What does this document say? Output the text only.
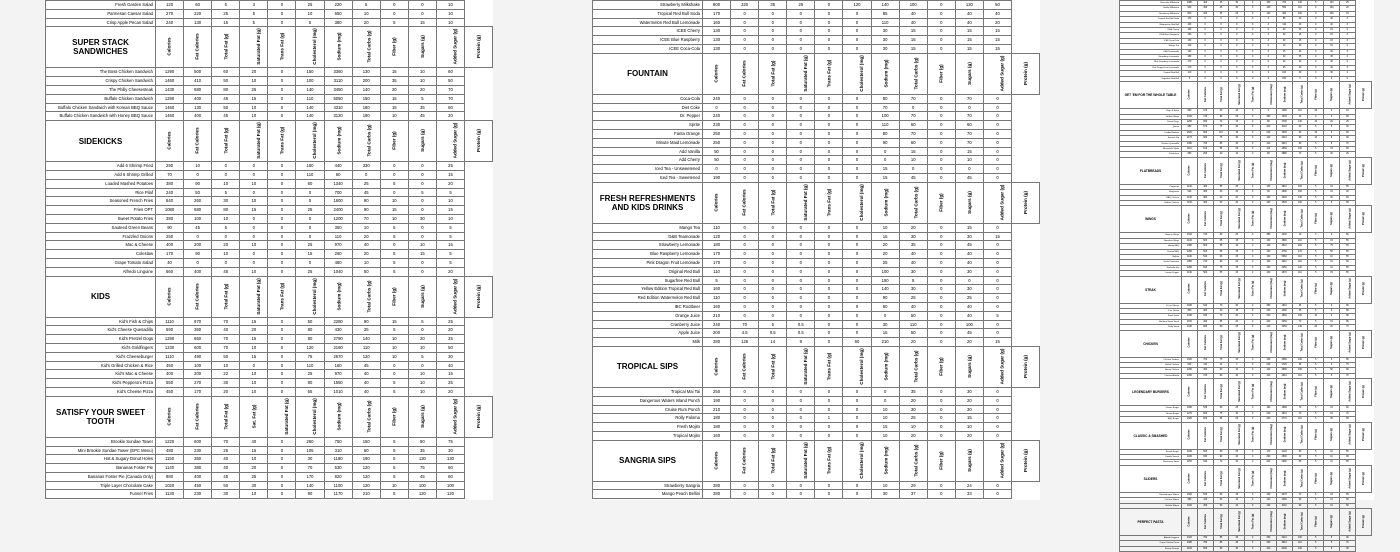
Fresh Garden Salad	120	60	5	3	0	25	220	5	0	0	10	
Parmesan Caesar Salad	270	220	25	5	0	10	650	10	0	0	10	
Crisp Apple Pecan Salad	240	130	15	5	0	5	380	20	5	15	10	
SUPER STACK SANDWICHES	Calories	Fat Calories	Total Fat (g)	Saturated Fat (g)	Trans Fat (g)	Cholesterol (mg)	Sodium (mg)	Total Carbs (g)	Fiber (g)	Sugars (g)	Added Sugar (g)	Protein (g)
The Boss Chicken Sandwich	1290	500	60	20	0	150	3360	130	15	10	60	
Crispy Chicken Sandwich	1460	410	50	10	0	100	3110	200	35	10	50	
The Philly Cheesesteak	1430	680	80	25	0	140	3450	140	20	20	70	
Buffalo Chicken Sandwich	1290	400	45	15	0	110	5050	150	15	5	70	
Buffalo Chicken Sandwich with Korean BBQ Sauce	1460	130	50	10	0	140	4310	180	15	35	60	
Buffalo Chicken Sandwich with Honey BBQ Sauce	1460	400	45	10	0	140	3120	190	10	45	20	
SIDEKICKS	Calories	Fat Calories	Total Fat (g)	Saturated Fat (g)	Trans Fat (g)	Cholesterol (mg)	Sodium (mg)	Total Carbs (g)	Fiber (g)	Sugars (g)	Added Sugar (g)	Protein (g)
Add 6 Shrimp Fried	290	10	0	0	0	160	440	330	0	0	25	
Add 6 Shrimp Grilled	70	0	0	0	0	110	60	0	0	0	15	
Loaded Mashed Potatoes	380	90	10	10	0	60	1340	25	5	0	20	
Rice Pilaf	240	50	5	0	0	0	700	45	0	5	5	
Seasoned French Fries	640	260	30	10	0	5	1600	90	10	0	10	
Fries OPT	1080	680	80	15	0	25	2400	90	15	0	15	
Sweet Potato Fries	380	100	10	0	0	0	1200	70	10	30	10	
Sauteed Green Beans	90	45	5	0	0	0	350	10	5	0	5	
Frazzled Onions	250	0	0	0	0	0	110	20	5	0	5	
Mac & Cheese	400	200	20	10	0	25	970	40	0	10	15	
Coleslaw	170	90	10	0	0	15	260	20	5	15	5	
Grape Tomato Salad	40	0	0	0	0	0	480	10	5	0	5	
Alfredo Linguine	660	400	45	10	0	25	1040	50	5	0	20	
KIDS	Calories	Fat Calories	Total Fat (g)	Saturated Fat (g)	Trans Fat (g)	Cholesterol (mg)	Sodium (mg)	Total Carbs (g)	Fiber (g)	Sugars (g)	Added Sugar (g)	Protein (g)
Kid's Fish & Chips	1110	670	70	15	0	50	2280	90	15	5	25	
Kid's Cheese Quesadilla	590	360	40	20	0	80	430	35	5	0	20	
Kid's Pretzel Dogs	1290	650	70	15	0	80	2790	140	10	20	25	
Kid's Goldfingers	1230	600	70	10	0	120	2160	110	10	10	50	
Kid's Cheeseburger	1110	490	50	15	0	75	2670	120	10	5	30	
Kid's Grilled Chicken & Rice	450	100	10	0	0	110	160	45	0	0	40	
Kid's Mac & Cheese	400	200	22	10	0	25	970	40	0	10	15	
Kid's Pepperoni Pizza	550	270	30	10	0	80	1550	40	5	10	25	
Kid's Cheese Pizza	450	170	20	10	0	55	1010	40	5	10	20	
SATISFY YOUR SWEET TOOTH	Calories	Fat Calories	Total Fat (g)	Sat. Fat (g)	Saturated Fat (g)	Cholesterol (mg)	Sodium (mg)	Total Carbs (g)	Fiber (g)	Sugars (g)	Added Sugar (g)	Protein (g)
Brookie Sundae Tower	1220	600	70	40	0	260	750	150	5	90	75	
Mini Brookie Sundae Tower (EPC Menu)	480	230	25	15	0	105	310	60	5	35	30	
Hot & Sugary Donut Holes	1150	350	40	10	0	30	1180	190	5	130	130	
Bananas Foster Pie	1140	380	40	20	0	70	530	120	5	75	60	
Bananas Foster Pie (Canada Only)	880	400	45	25	0	170	820	120	5	45	60	
Triple Layer Chocolate Cake	1020	450	50	30	0	140	1100	130	10	100	100	
Funnel Fries	1130	230	30	10	0	90	1170	210	5	120	120	
Strawberry Milkshake	800	320	35	25	0	120	140	100	0	120	50	
Tropical Red Bull Soda	170	0	0	0	0	0	85	40	0	40	40	
Watermelon Red Bull Lemonade	160	0	0	0	0	0	110	40	0	40	20	
ICEE Cherry	130	0	0	0	0	0	30	15	0	15	15	
ICEE Blue Raspberry	130	0	0	0	0	0	30	15	0	15	15	
ICEE Coca-Cola	130	0	0	0	0	0	30	15	0	15	15	
FOUNTAIN	Calories	Fat Calories	Total Fat (g)	Saturated Fat (g)	Trans Fat (g)	Cholesterol (mg)	Sodium (mg)	Total Carbs (g)	Fiber (g)	Sugars (g)	Added Sugar (g)	Protein (g)
Coca-Cola	240	0	0	0	0	0	80	70	0	70	0	
Diet Coke	0	0	0	0	0	0	70	0	0	0	0	
Dr. Pepper	240	0	0	0	0	0	100	70	0	70	0	
Sprite	230	0	0	0	0	0	110	60	0	60	0	
Fanta Orange	250	0	0	0	0	0	80	70	0	70	0	
Minute Maid Lemonade	250	0	0	0	0	0	90	60	0	70	0	
Add Vanilla	50	0	0	0	0	0	0	15	0	15	0	
Add Cherry	50	0	0	0	0	0	0	10	0	10	0	
Iced Tea - Unsweetened	0	0	0	0	0	0	15	0	0	0	0	
Iced Tea - Sweetened	190	0	0	0	0	0	15	45	0	45	0	
FRESH REFRESHMENTS AND KIDS DRINKS	Calories	Fat Calories	Total Fat (g)	Saturated Fat (g)	Trans Fat (g)	Cholesterol (mg)	Sodium (mg)	Total Carbs (g)	Fiber (g)	Sugars (g)	Added Sugar (g)	Protein (g)
Mango Tea	110	0	0	0	0	0	10	20	0	15	0	
D&B Teamonade	120	0	0	0	0	0	15	30	0	30	15	
Strawberry Lemonade	180	0	0	0	0	0	20	35	0	45	0	
Blue Raspberry Lemonade	170	0	0	0	0	0	20	40	0	40	0	
Pink Dragon Fruit Lemonade	170	0	0	0	0	0	25	40	0	40	0	
Original Red Bull	110	0	0	0	0	0	100	30	0	30	0	
Sugarfree Red Bull	5	0	0	0	0	0	150	5	0	0	0	
Yellow Edition Tropical Red Bull	160	0	0	0	0	0	140	30	0	30	0	
Red Edition Watermelon Red Bull	110	0	0	0	0	0	90	25	0	25	0	
IBC Rootbeer	160	0	0	0	0	0	60	40	0	40	0	
Orange Juice	210	0	0	0	0	0	0	50	0	40	5	
Cranberry Juice	240	70	5	0.5	0	0	30	110	0	100	0	
Apple Juice	200	4.5	0.5	0.5	0	0	15	50	0	45	0	
Milk	280	126	14	9	0	60	210	20	0	20	15	
TROPICAL SIPS	Calories	Fat Calories	Total Fat (g)	Saturated Fat (g)	Trans Fat (g)	Cholesterol (mg)	Sodium (mg)	Total Carbs (g)	Fiber (g)	Sugars (g)	Added Sugar (g)	Protein (g)
Tropical Mai Tai	250	0	0	0	0	0	0	35	0	30	0	
Dangerous Waters Island Punch	190	0	0	0	0	0	0	20	0	20	0	
Cruise Rum Punch	210	0	0	0	0	0	10	30	0	30	0	
Rolly Paloma	180	0	0	0	1	0	10	25	0	15	0	
Fresh Mojito	180	0	0	0	0	0	15	10	0	10	0	
Tropical Mojito	160	0	0	0	0	0	10	20	0	20	0	
SANGRIA SIPS	Calories	Fat Calories	Total Fat (g)	Saturated Fat (g)	Trans Fat (g)	Cholesterol (mg)	Sodium (mg)	Total Carbs (g)	Fiber (g)	Sugars (g)	Added Sugar (g)	Protein (g)
Strawberry Sangria	280	0	0	0	0	0	10	29	0	24	0	
Mango Peach Bellini	280	0	0	0	0	0	30	37	0	33	0	
Chocolate Milkshake	1080	400	45	30	0	150	700	140	5	120	25	
Vanilla Milkshake	900	390	45	30	0	160	550	110	0	100	20	
Strawberry Milkshake	800	320	35	25	0	120	460	100	0	100	15	
Tropical Red Bull Soda	170	0	0	0	0	0	85	40	0	40	0	
Watermelon Red Bull	160	0	0	0	0	0	110	40	0	40	0	
ICEE Cherry	130	0	0	0	0	0	30	15	0	15	0	
ICEE Blue Raspberry	130	0	0	0	0	0	30	15	0	15	0	
ICEE Coca-Cola	130	0	0	0	0	0	30	15	0	15	0	
Mango Tea	110	0	0	0	0	0	10	20	0	15	0	
D&B Teamonade	120	0	0	0	0	0	15	30	0	30	0	
Strawberry Lemonade	180	0	0	0	0	0	20	35	0	45	0	
Blue Raspberry Lemonade	170	0	0	0	0	0	20	40	0	40	0	
Pink Dragon Fruit Lemonade	170	0	0	0	0	0	25	40	0	40	0	
Original Red Bull	110	0	0	0	0	0	100	30	0	30	0	
Sugarfree Red Bull	5	0	0	0	0	0	150	5	0	0	0	
GET 'EM FOR THE WHOLE TABLE	Calories	Fat Calories	Total Fat (g)	Saturated Fat (g)	Trans Fat (g)	Cholesterol (mg)	Sodium (mg)	Total Carbs (g)	Fiber (g)	Sugars (g)	Added Sugar (g)	Protein (g)
Chips & Salsa	890	370	40	10	0	0	1280	110	15	0	10	
Buffalo Wings	1010	740	80	25	0	380	4230	10	0	0	65	
Pretzel Dogs	1290	650	70	15	0	80	2790	140	10	20	25	
Queso	980	670	75	40	0	200	3110	40	5	5	40	
Loaded Nachos	1620	960	110	45	0	240	3360	90	15	5	60	
Spinach Dip	1170	660	75	30	0	140	2210	90	10	5	30	
Chicken Quesadilla	1350	760	85	40	0	310	3010	80	5	5	70	
Mozzarella Sticks	1110	510	55	25	0	110	2560	100	5	15	50	
Potstickers	680	290	30	10	0	80	2880	70	5	20	25	
FLATBREADS	Calories	Fat Calories	Total Fat (g)	Saturated Fat (g)	Trans Fat (g)	Cholesterol (mg)	Sodium (mg)	Total Carbs (g)	Fiber (g)	Sugars (g)	Added Sugar (g)	Protein (g)
Pepperoni	1140	480	55	25	0	130	2810	100	5	10	55	
Margherita	920	380	40	20	0	90	1890	100	5	10	40	
BBQ Chicken	1130	380	40	20	0	160	2640	130	5	40	65	
Buffalo Chicken	1100	460	50	20	0	160	3520	100	5	5	65	
WINGS	Calories	Fat Calories	Total Fat (g)	Saturated Fat (g)	Trans Fat (g)	Cholesterol (mg)	Sodium (mg)	Total Carbs (g)	Fiber (g)	Sugars (g)	Added Sugar (g)	Protein (g)
Bone-in Wings	1010	740	80	25	0	380	4230	10	0	0	65	
Boneless Wings	1140	500	55	15	0	130	3890	110	5	15	55	
Honey BBQ	1380	500	55	15	0	130	3510	200	5	75	55	
Korean BBQ	1290	500	55	15	0	130	3760	170	5	50	55	
Buffalo	1140	540	60	15	0	130	5360	110	5	10	55	
Garlic Parmesan	1350	740	80	20	0	160	4010	110	5	15	60	
Nashville Hot	1290	690	75	15	0	130	4450	120	5	10	55	
Lemon Pepper	1140	500	55	15	0	130	4670	110	5	15	55	
STEAK	Calories	Fat Calories	Total Fat (g)	Saturated Fat (g)	Trans Fat (g)	Cholesterol (mg)	Sodium (mg)	Total Carbs (g)	Fiber (g)	Sugars (g)	Added Sugar (g)	Protein (g)
10 oz. Ribeye	1030	640	70	30	0	280	1510	35	5	0	90	
8 oz. Sirloin	800	380	40	15	0	220	1380	35	5	0	80	
Steak Frites	1340	630	70	20	0	200	2860	100	10	0	80	
Bourbon Street Steak	1100	490	55	20	0	220	2250	70	5	15	85	
Philly Steak	1430	680	80	25	0	140	3450	140	20	20	70	
CHICKEN	Calories	Fat Calories	Total Fat (g)	Saturated Fat (g)	Trans Fat (g)	Cholesterol (mg)	Sodium (mg)	Total Carbs (g)	Fiber (g)	Sugars (g)	Added Sugar (g)	Protein (g)
Chicken Tenders	1320	700	75	15	0	160	3580	100	5	5	65	
Grilled Chicken	540	110	12	3	0	220	1720	35	5	0	75	
Honey Chicken	1290	450	50	10	0	140	2680	150	5	50	60	
Chicken Alfredo	1450	720	80	40	0	310	2610	110	5	5	70	
LEGENDARY BURGERS	Calories	Fat Calories	Total Fat (g)	Saturated Fat (g)	Trans Fat (g)	Cholesterol (mg)	Sodium (mg)	Total Carbs (g)	Fiber (g)	Sugars (g)	Added Sugar (g)	Protein (g)
Classic Burger	1090	530	60	25	0	190	1980	70	5	10	60	
Bacon Burger	1270	660	75	30	0	230	2610	70	5	10	70	
BBQ Burger	1320	600	65	25	0	200	2770	110	5	35	65	
CLASSIC & SMASHED	Calories	Fat Calories	Total Fat (g)	Saturated Fat (g)	Trans Fat (g)	Cholesterol (mg)	Sodium (mg)	Total Carbs (g)	Fiber (g)	Sugars (g)	Added Sugar (g)	Protein (g)
Smash Burger	1040	560	60	25	0	170	2120	60	5	10	55	
Double Smash	1430	830	90	40	0	290	2830	60	5	10	90	
Mushroom Swiss	1150	640	70	30	0	200	2090	65	5	10	65	
SLIDERS	Calories	Fat Calories	Total Fat (g)	Saturated Fat (g)	Trans Fat (g)	Cholesterol (mg)	Sodium (mg)	Total Carbs (g)	Fiber (g)	Sugars (g)	Added Sugar (g)	Protein (g)
Cheeseburger Sliders	1020	530	60	25	0	160	2070	70	5	10	55	
Chicken Sliders	980	440	50	10	0	120	2480	90	5	10	50	
Buffalo Sliders	1010	450	50	10	0	120	3110	90	5	10	50	
PERFECT PASTA	Calories	Fat Calories	Total Fat (g)	Saturated Fat (g)	Trans Fat (g)	Cholesterol (mg)	Sodium (mg)	Total Carbs (g)	Fiber (g)	Sugars (g)	Added Sugar (g)	Protein (g)
Alfredo Linguine	1310	760	85	45	0	250	2210	100	5	5	40	
Cajun Chicken Pasta	1480	780	85	45	0	330	3010	110	5	5	70	
Shrimp Scampi	1100	560	60	30	0	310	2400	100	5	5	45	
